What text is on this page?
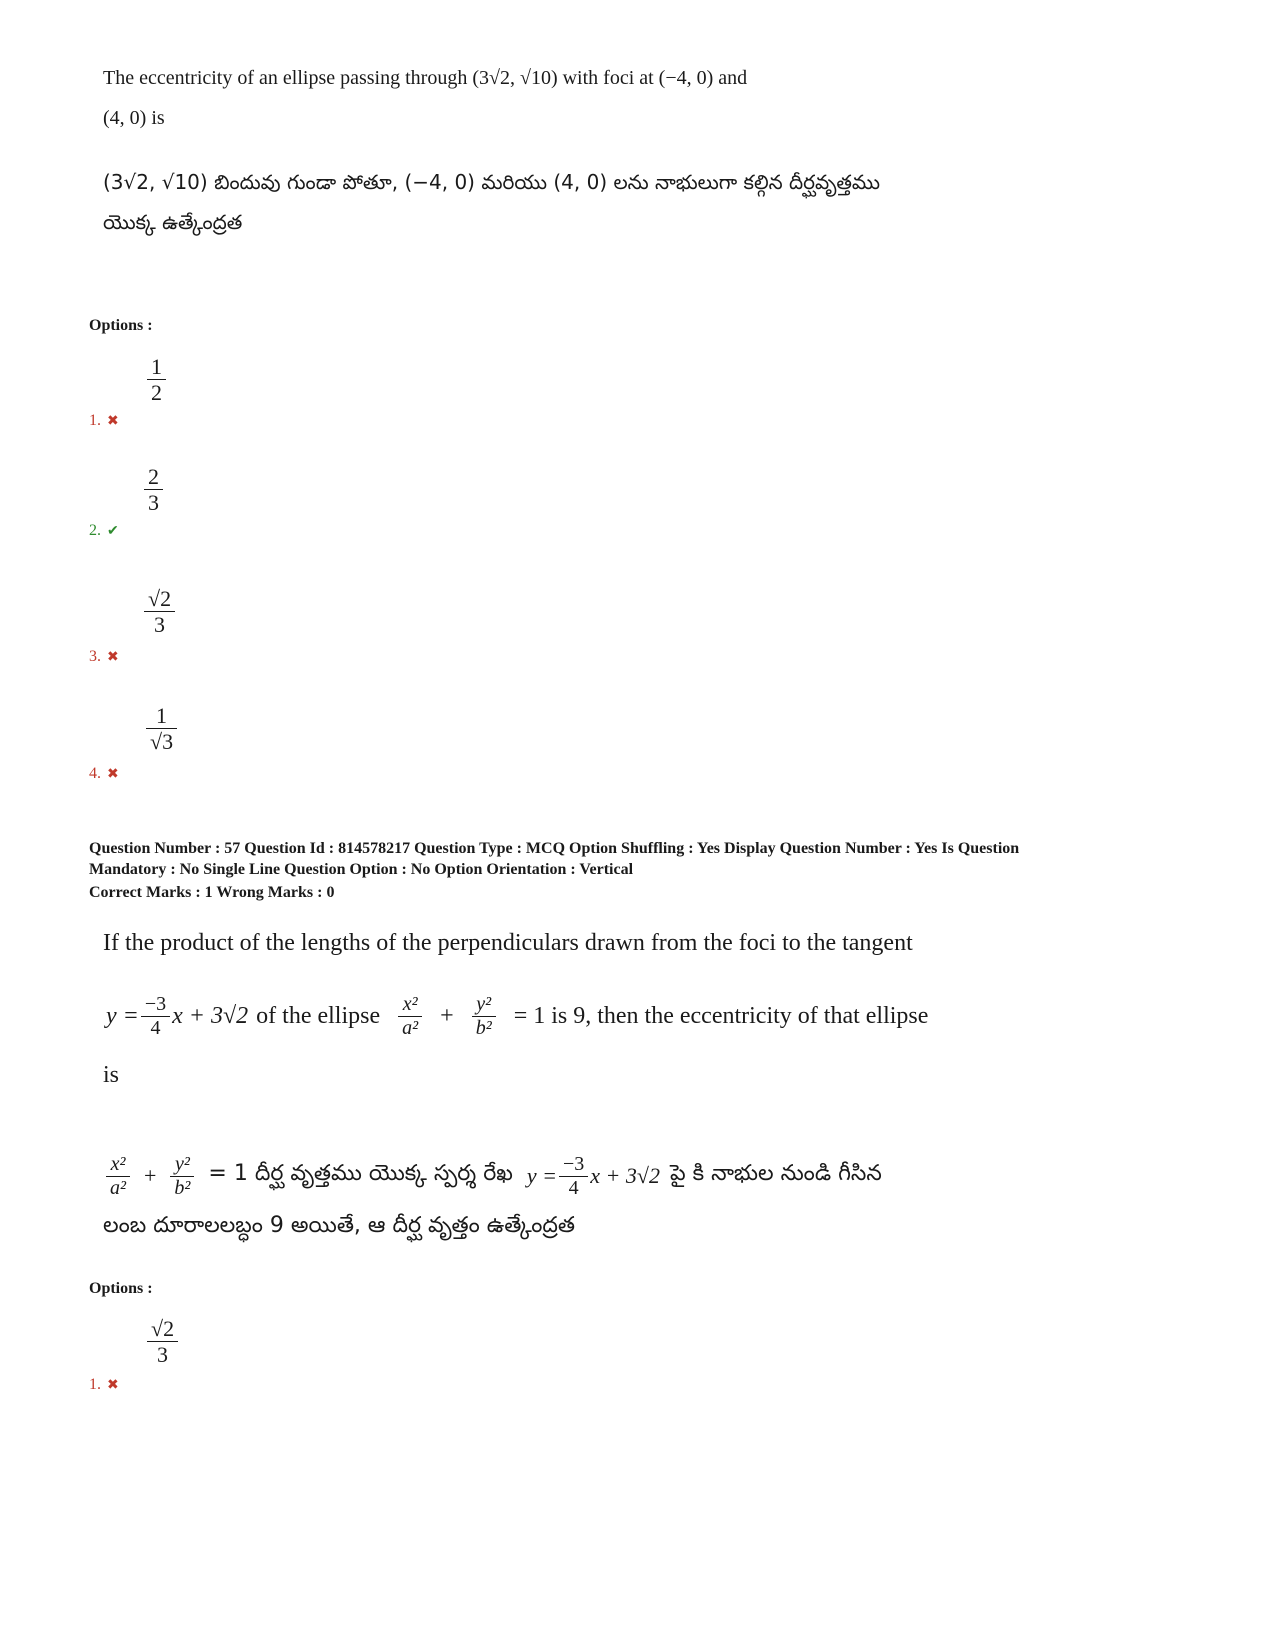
The eccentricity of an ellipse passing through (3√2, √10) with foci at (−4, 0) and
(4, 0) is
(3√2, √10) బిందువు గుండా పోతూ, (−4, 0) మరియు (4, 0) లను నాభులుగా కల్గిన దీర్ఘవృత్తము
యొక్క ఉత్కేంద్రత
Options :
1
2
1. ✖
2
3
2. ✔
√2
3
3. ✖
1
√3
4. ✖
Question Number : 57 Question Id : 814578217 Question Type : MCQ Option Shuffling : Yes Display Question Number : Yes Is Question
Mandatory : No Single Line Question Option : No Option Orientation : Vertical
Correct Marks : 1 Wrong Marks : 0
If the product of the lengths of the perpendiculars drawn from the foci to the tangent
$y = \frac{-3}{4}$ x + 3√2 of the ellipse $\frac{\text{x²}}{\text{a²}} + \frac{\text{y²}}{\text{b²}} = 1$ is 9, then the eccentricity of that ellipse
is
$\frac{\text{x²}}{\text{a²}} + \frac{\text{y²}}{\text{b²}} = 1$ దీర్ఘ వృత్తము యొక్క స్పర్శ రేఖ $y = \frac{-3}{4}$ x + 3√2 పై కి నాభుల నుండి గీసిన
లంబ దూరాలలబ్ధం 9 అయితే, ఆ దీర్ఘ వృత్తం ఉత్కేంద్రత
Options :
√2
3
1. ✖
